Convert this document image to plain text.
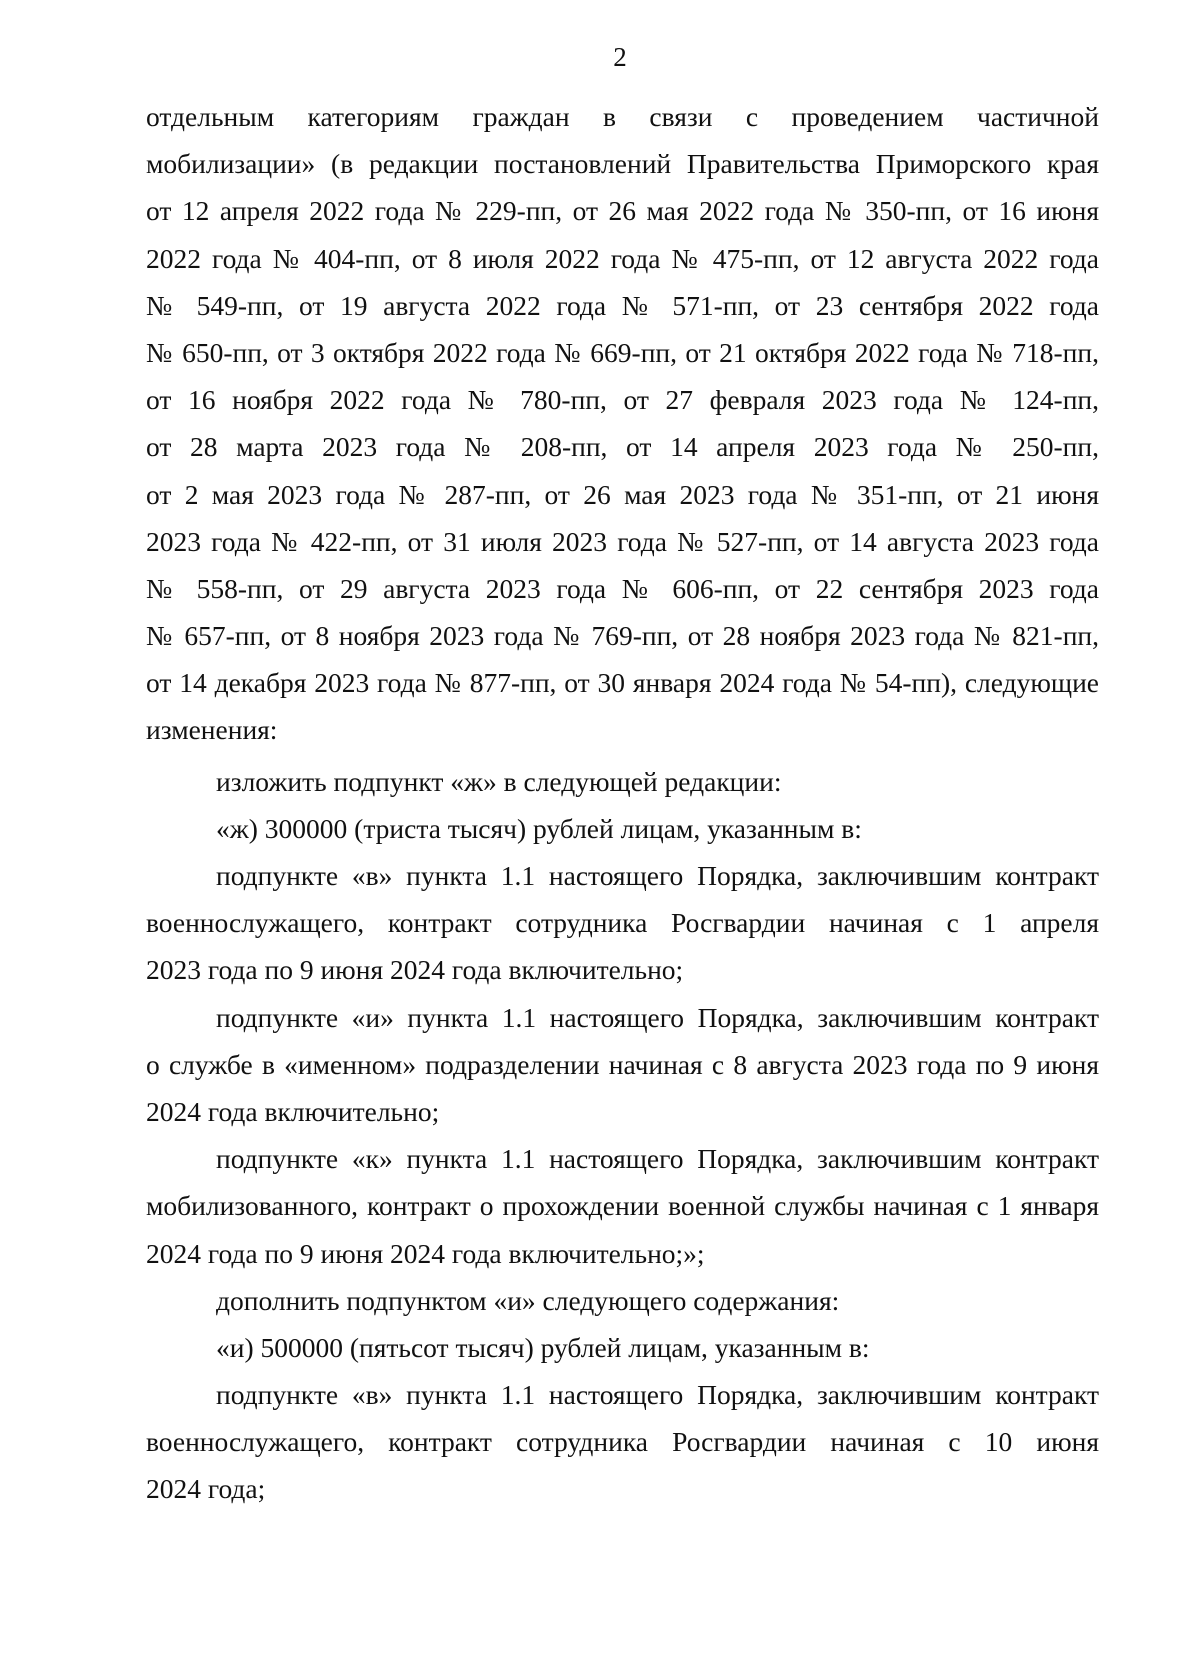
2
отдельным категориям граждан в связи с проведением частичной
мобилизации» (в редакции постановлений Правительства Приморского края
от 12 апреля 2022 года № 229-пп, от 26 мая 2022 года № 350-пп, от 16 июня
2022 года № 404-пп, от 8 июля 2022 года № 475-пп, от 12 августа 2022 года
№ 549-пп, от 19 августа 2022 года № 571-пп, от 23 сентября 2022 года
№ 650-пп, от 3 октября 2022 года № 669-пп, от 21 октября 2022 года № 718-пп,
от 16 ноября 2022 года № 780-пп, от 27 февраля 2023 года № 124-пп,
от 28 марта 2023 года № 208-пп, от 14 апреля 2023 года № 250-пп,
от 2 мая 2023 года № 287-пп, от 26 мая 2023 года № 351-пп, от 21 июня
2023 года № 422-пп, от 31 июля 2023 года № 527-пп, от 14 августа 2023 года
№ 558-пп, от 29 августа 2023 года № 606-пп, от 22 сентября 2023 года
№ 657-пп, от 8 ноября 2023 года № 769-пп, от 28 ноября 2023 года № 821-пп,
от 14 декабря 2023 года № 877-пп, от 30 января 2024 года № 54-пп), следующие
изменения:
изложить подпункт «ж» в следующей редакции:
«ж) 300000 (триста тысяч) рублей лицам, указанным в:
подпункте «в» пункта 1.1 настоящего Порядка, заключившим контракт
военнослужащего, контракт сотрудника Росгвардии начиная с 1 апреля
2023 года по 9 июня 2024 года включительно;
подпункте «и» пункта 1.1 настоящего Порядка, заключившим контракт
о службе в «именном» подразделении начиная с 8 августа 2023 года по 9 июня
2024 года включительно;
подпункте «к» пункта 1.1 настоящего Порядка, заключившим контракт
мобилизованного, контракт о прохождении военной службы начиная с 1 января
2024 года по 9 июня 2024 года включительно;»;
дополнить подпунктом «и» следующего содержания:
«и) 500000 (пятьсот тысяч) рублей лицам, указанным в:
подпункте «в» пункта 1.1 настоящего Порядка, заключившим контракт
военнослужащего, контракт сотрудника Росгвардии начиная с 10 июня
2024 года;
